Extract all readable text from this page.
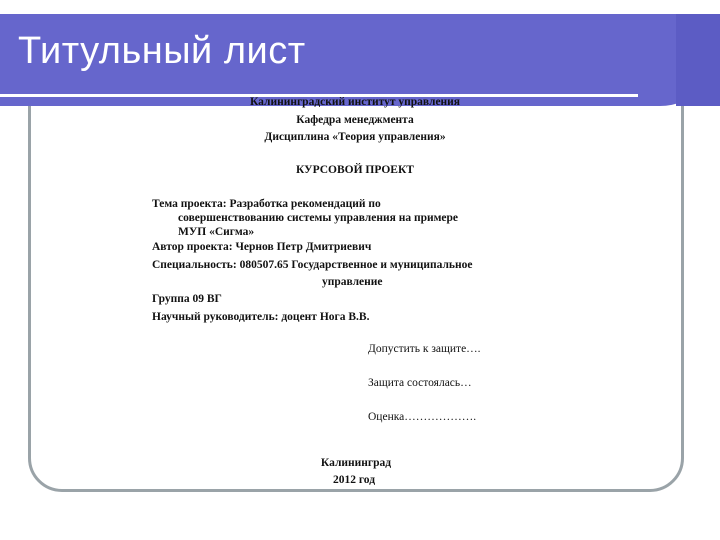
Титульный лист
Калининградский институт управления
Кафедра менеджмента
Дисциплина «Теория управления»
КУРСОВОЙ ПРОЕКТ
Тема проекта: Разработка рекомендаций по
совершенствованию системы управления на примере
МУП «Сигма»
Автор проекта: Чернов Петр Дмитриевич
Специальность: 080507.65 Государственное и муниципальное
управление
Группа 09 ВГ
Научный руководитель: доцент Нога В.В.
Допустить к защите….
Защита состоялась…
Оценка……………….
Калининград
2012 год
